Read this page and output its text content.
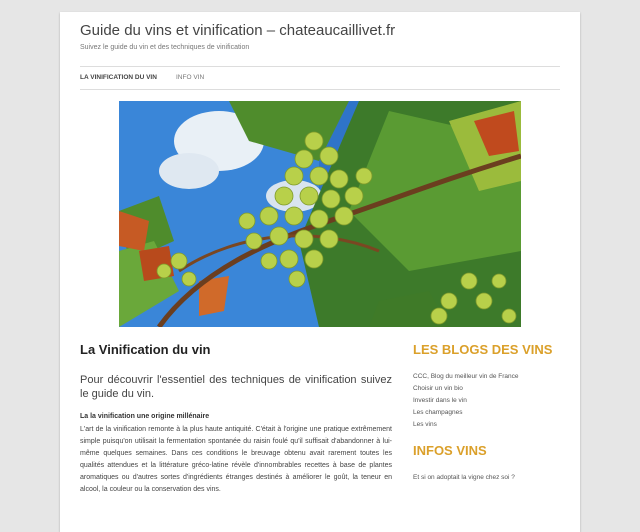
Guide du vins et vinification – chateaucaillivet.fr
Suivez le guide du vin et des techniques de vinification
LA VINIFICATION DU VIN	INFO VIN
La Vinification du vin
Pour découvrir l'essentiel des techniques de vinification suivez le guide du vin.
La la vinification une origine millénaire
L'art de la vinification remonte à la plus haute antiquité. C'était à l'origine une pratique extrêmement simple puisqu'on utilisait la fermentation spontanée du raisin foulé qu'il suffisait d'abandonner à lui-même quelques semaines. Dans ces conditions le breuvage obtenu avait rarement toutes les qualités attendues et la littérature gréco-latine révèle d'innombrables recettes à base de plantes aromatiques ou d'autres sortes d'ingrédients étranges destinés à améliorer le goût, la teneur en alcool, la couleur ou la conservation des vins.
LES BLOGS DES VINS
CCC, Blog du meilleur vin de France
Choisir un vin bio
Investir dans le vin
Les champagnes
Les vins
INFOS VINS
Et si on adoptait la vigne chez soi ?
